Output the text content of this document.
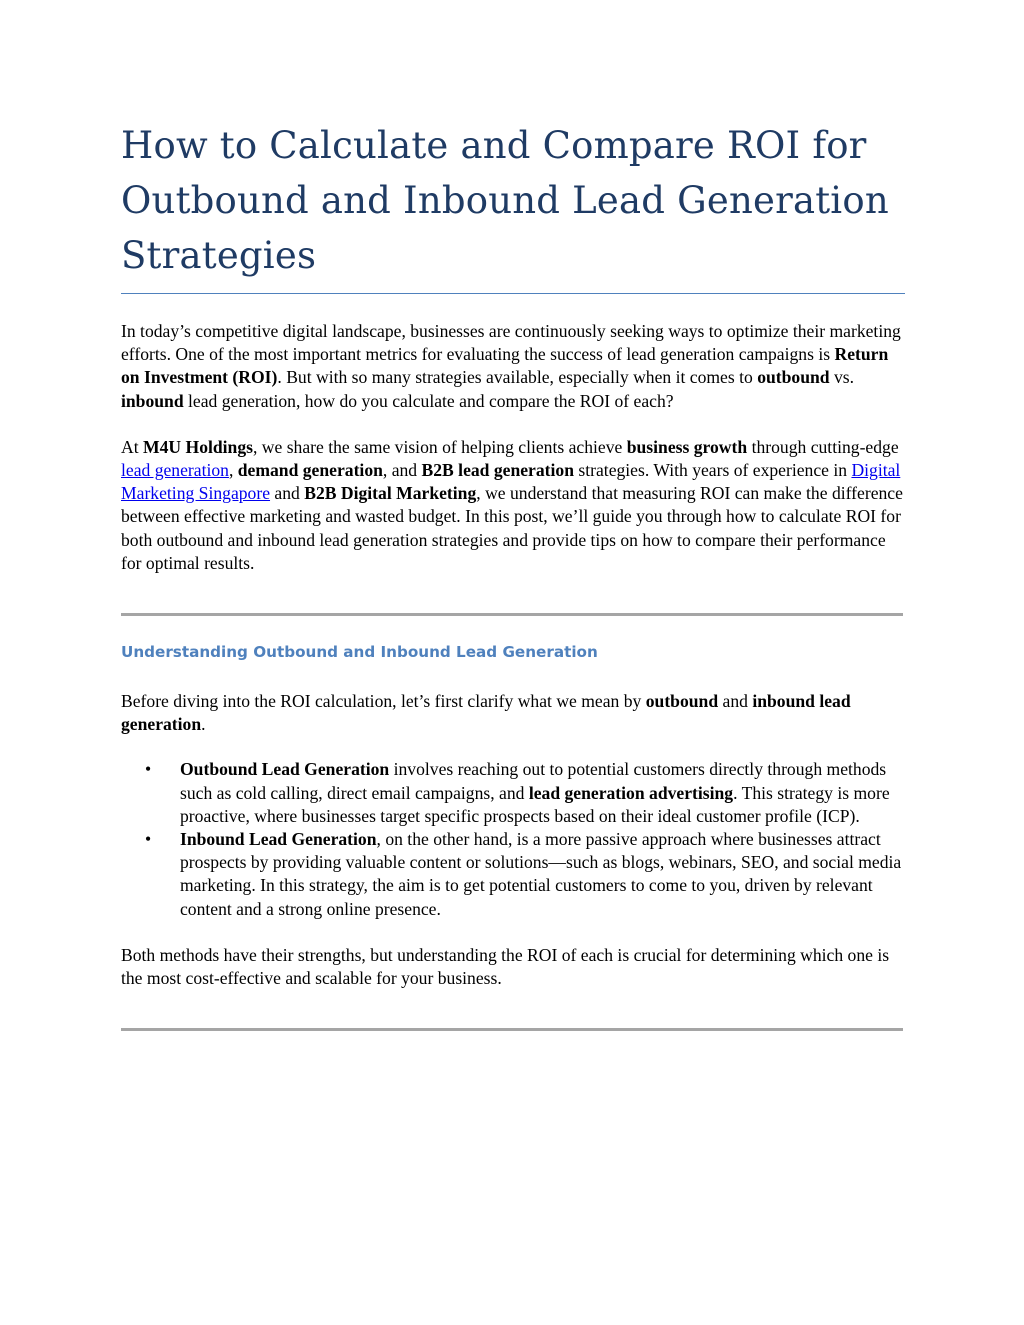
How to Calculate and Compare ROI for
Outbound and Inbound Lead Generation
Strategies

In today’s competitive digital landscape, businesses are continuously seeking ways to optimize their marketing efforts. One of the most important metrics for evaluating the success of lead generation campaigns is Return on Investment (ROI). But with so many strategies available, especially when it comes to outbound vs. inbound lead generation, how do you calculate and compare the ROI of each?

At M4U Holdings, we share the same vision of helping clients achieve business growth through cutting-edge lead generation, demand generation, and B2B lead generation strategies. With years of experience in Digital Marketing Singapore and B2B Digital Marketing, we understand that measuring ROI can make the difference between effective marketing and wasted budget. In this post, we’ll guide you through how to calculate ROI for both outbound and inbound lead generation strategies and provide tips on how to compare their performance for optimal results.

Understanding Outbound and Inbound Lead Generation

Before diving into the ROI calculation, let’s first clarify what we mean by outbound and inbound lead generation.

• Outbound Lead Generation involves reaching out to potential customers directly through methods such as cold calling, direct email campaigns, and lead generation advertising. This strategy is more proactive, where businesses target specific prospects based on their ideal customer profile (ICP).
• Inbound Lead Generation, on the other hand, is a more passive approach where businesses attract prospects by providing valuable content or solutions—such as blogs, webinars, SEO, and social media marketing. In this strategy, the aim is to get potential customers to come to you, driven by relevant content and a strong online presence.

Both methods have their strengths, but understanding the ROI of each is crucial for determining which one is the most cost-effective and scalable for your business.
